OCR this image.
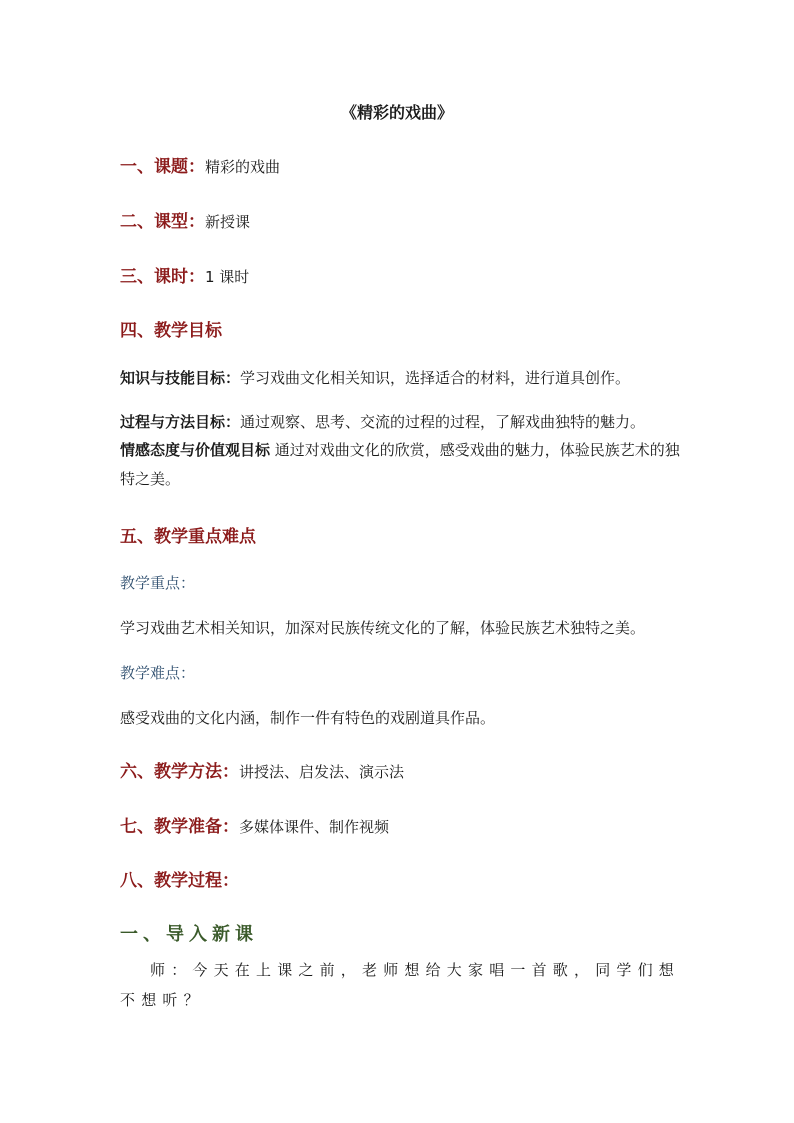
《精彩的戏曲》
一、课题：精彩的戏曲
二、课型：新授课
三、课时：1 课时
四、教学目标
知识与技能目标：学习戏曲文化相关知识，选择适合的材料，进行道具创作。
过程与方法目标：通过观察、思考、交流的过程的过程，了解戏曲独特的魅力。
情感态度与价值观目标 通过对戏曲文化的欣赏，感受戏曲的魅力，体验民族艺术的独特之美。
五、教学重点难点
教学重点：
学习戏曲艺术相关知识，加深对民族传统文化的了解，体验民族艺术独特之美。
教学难点：
感受戏曲的文化内涵，制作一件有特色的戏剧道具作品。
六、教学方法：讲授法、启发法、演示法
七、教学准备：多媒体课件、制作视频
八、教学过程：
一、导入新课
师：今天在上课之前，老师想给大家唱一首歌，同学们想不想听？
